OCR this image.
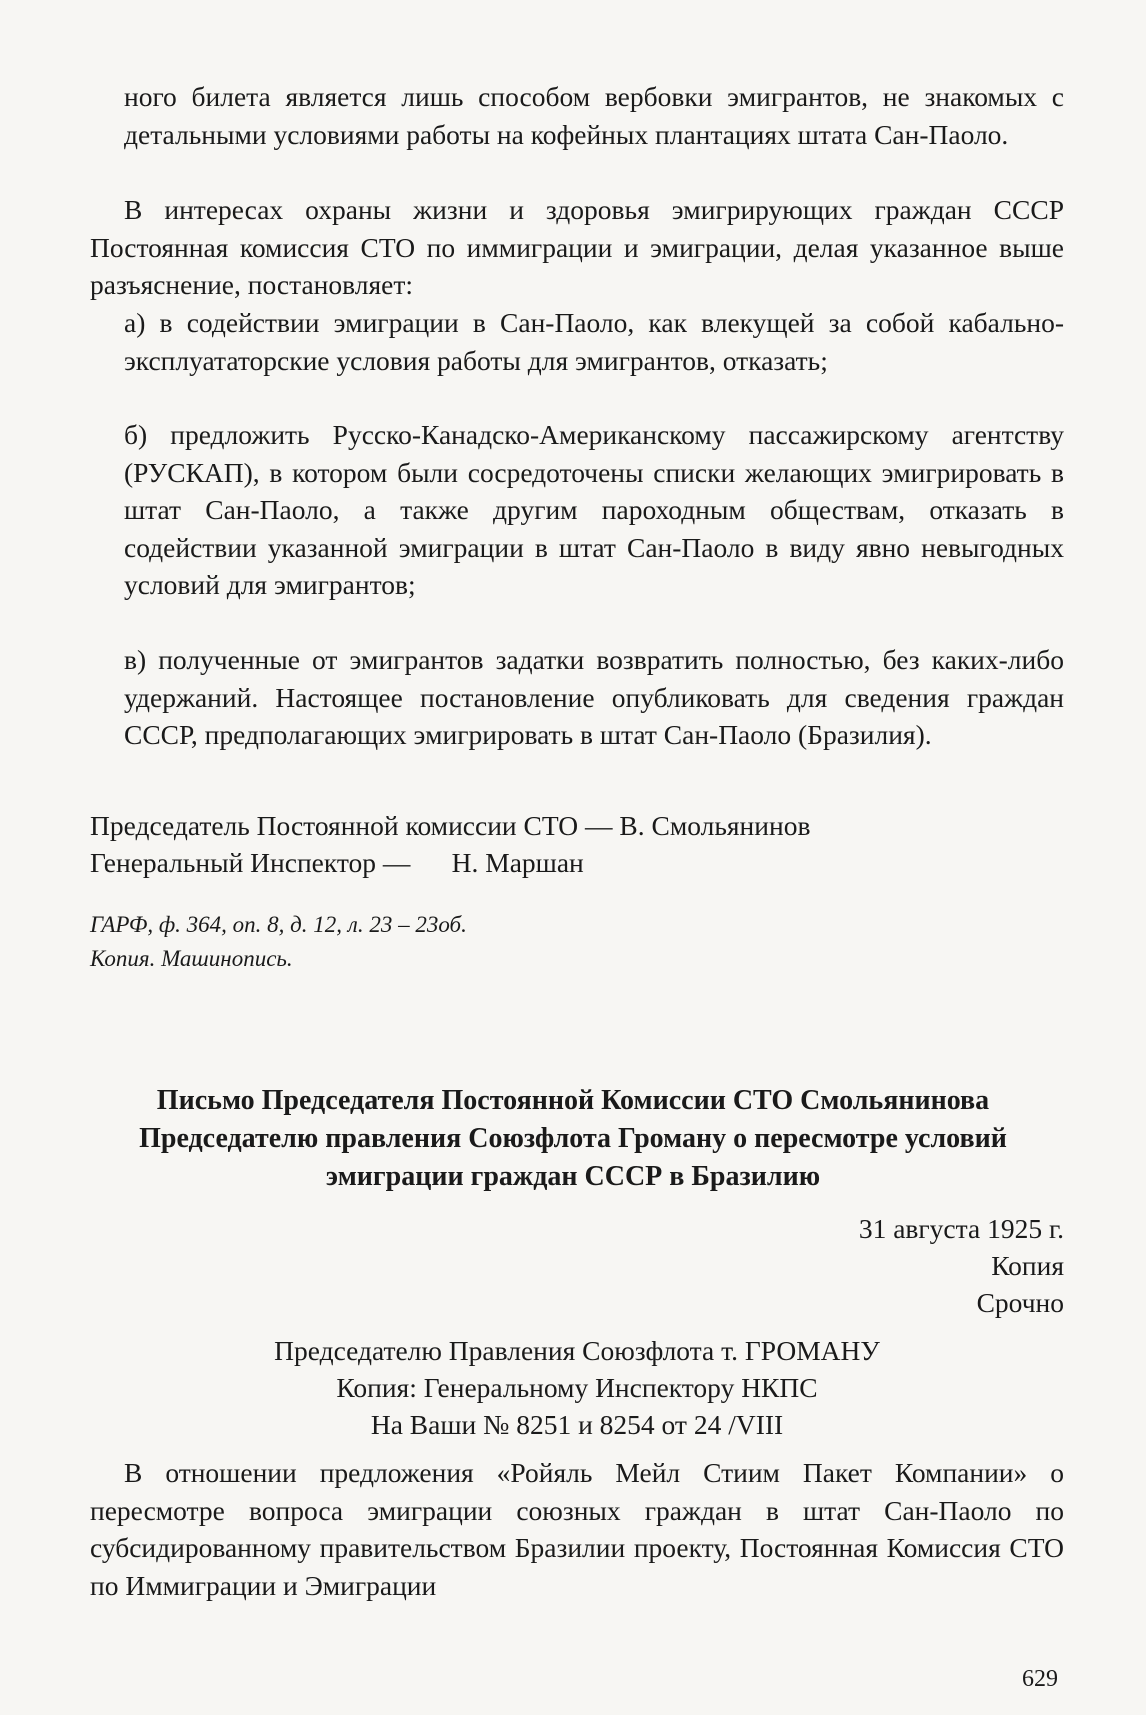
ного билета является лишь способом вербовки эмигрантов, не знакомых с детальными условиями работы на кофейных плантациях штата Сан-Паоло.

В интересах охраны жизни и здоровья эмигрирующих граждан СССР Постоянная комиссия СТО по иммиграции и эмиграции, делая указанное выше разъяснение, постановляет:

а) в содействии эмиграции в Сан-Паоло, как влекущей за собой кабально-эксплуататорские условия работы для эмигрантов, отказать;

б) предложить Русско-Канадско-Американскому пассажирскому агентству (РУСКАП), в котором были сосредоточены списки желающих эмигрировать в штат Сан-Паоло, а также другим пароходным обществам, отказать в содействии указанной эмиграции в штат Сан-Паоло в виду явно невыгодных условий для эмигрантов;

в) полученные от эмигрантов задатки возвратить полностью, без каких-либо удержаний. Настоящее постановление опубликовать для сведения граждан СССР, предполагающих эмигрировать в штат Сан-Паоло (Бразилия).

Председатель Постоянной комиссии СТО — В. Смольянинов
Генеральный Инспектор —      Н. Маршан
ГАРФ, ф. 364, оп. 8, д. 12, л. 23 – 23об.
Копия. Машинопись.
Письмо Председателя Постоянной Комиссии СТО Смольянинова Председателю правления Союзфлота Громану о пересмотре условий эмиграции граждан СССР в Бразилию
31 августа 1925 г.
Копия
Срочно
Председателю Правления Союзфлота т. ГРОМАНУ
Копия: Генеральному Инспектору НКПС
На Ваши № 8251 и 8254 от 24 /VIII

В отношении предложения «Ройяль Мейл Стиим Пакет Компании» о пересмотре вопроса эмиграции союзных граждан в штат Сан-Паоло по субсидированному правительством Бразилии проекту, Постоянная Комиссия СТО по Иммиграции и Эмиграции

629
